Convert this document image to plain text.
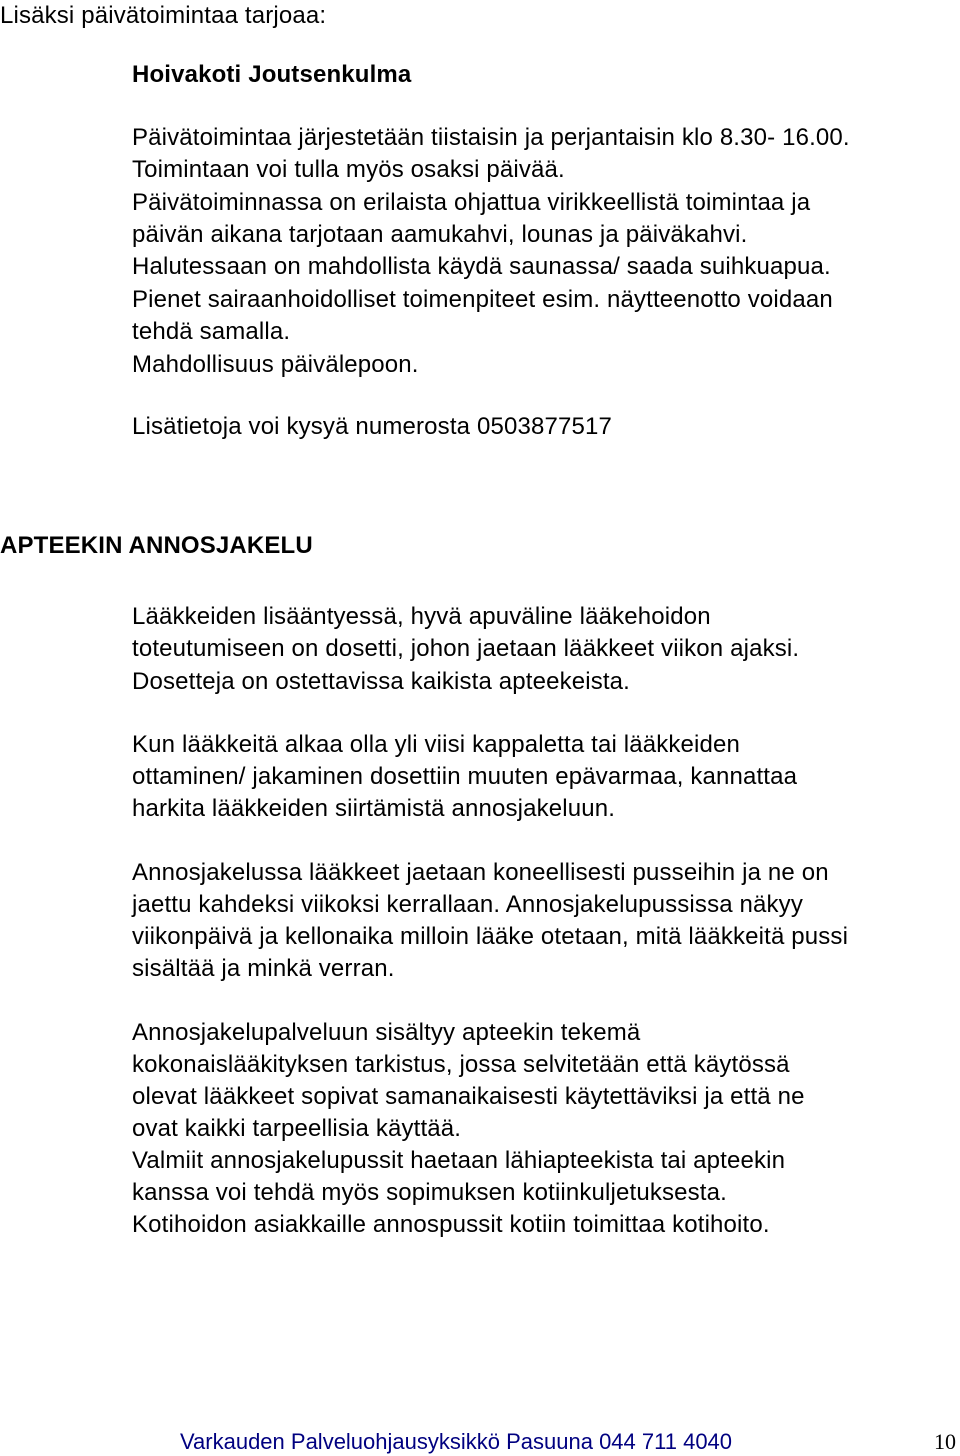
Lisäksi päivätoimintaa tarjoaa:
Hoivakoti Joutsenkulma
Päivätoimintaa järjestetään tiistaisin ja perjantaisin klo 8.30- 16.00.
Toimintaan voi tulla myös osaksi päivää.
Päivätoiminnassa on erilaista ohjattua virikkeellistä toimintaa ja
päivän aikana tarjotaan aamukahvi, lounas ja päiväkahvi.
Halutessaan on mahdollista käydä saunassa/ saada suihkuapua.
Pienet sairaanhoidolliset toimenpiteet esim. näytteenotto voidaan
tehdä samalla.
Mahdollisuus päivälepoon.
Lisätietoja voi kysyä numerosta 0503877517
APTEEKIN ANNOSJAKELU
Lääkkeiden lisääntyessä, hyvä apuväline lääkehoidon
toteutumiseen on dosetti, johon jaetaan lääkkeet viikon ajaksi.
Dosetteja on ostettavissa kaikista apteekeista.
Kun lääkkeitä alkaa olla yli viisi kappaletta tai lääkkeiden
ottaminen/ jakaminen dosettiin muuten epävarmaa, kannattaa
harkita lääkkeiden siirtämistä annosjakeluun.
Annosjakelussa lääkkeet jaetaan koneellisesti pusseihin ja ne on
jaettu kahdeksi viikoksi kerrallaan. Annosjakelupussissa näkyy
viikonpäivä ja kellonaika milloin lääke otetaan, mitä lääkkeitä pussi
sisältää ja minkä verran.
Annosjakelupalveluun sisältyy apteekin tekemä
kokonaislääkityksen tarkistus, jossa selvitetään että käytössä
olevat lääkkeet sopivat samanaikaisesti käytettäviksi ja että ne
ovat kaikki tarpeellisia käyttää.
Valmiit annosjakelupussit haetaan lähiapteekista tai apteekin
kanssa voi tehdä myös sopimuksen kotiinkuljetuksesta.
Kotihoidon asiakkaille annospussit kotiin toimittaa kotihoito.
Varkauden Palveluohjausyksikkö Pasuuna 044 711 4040	10
